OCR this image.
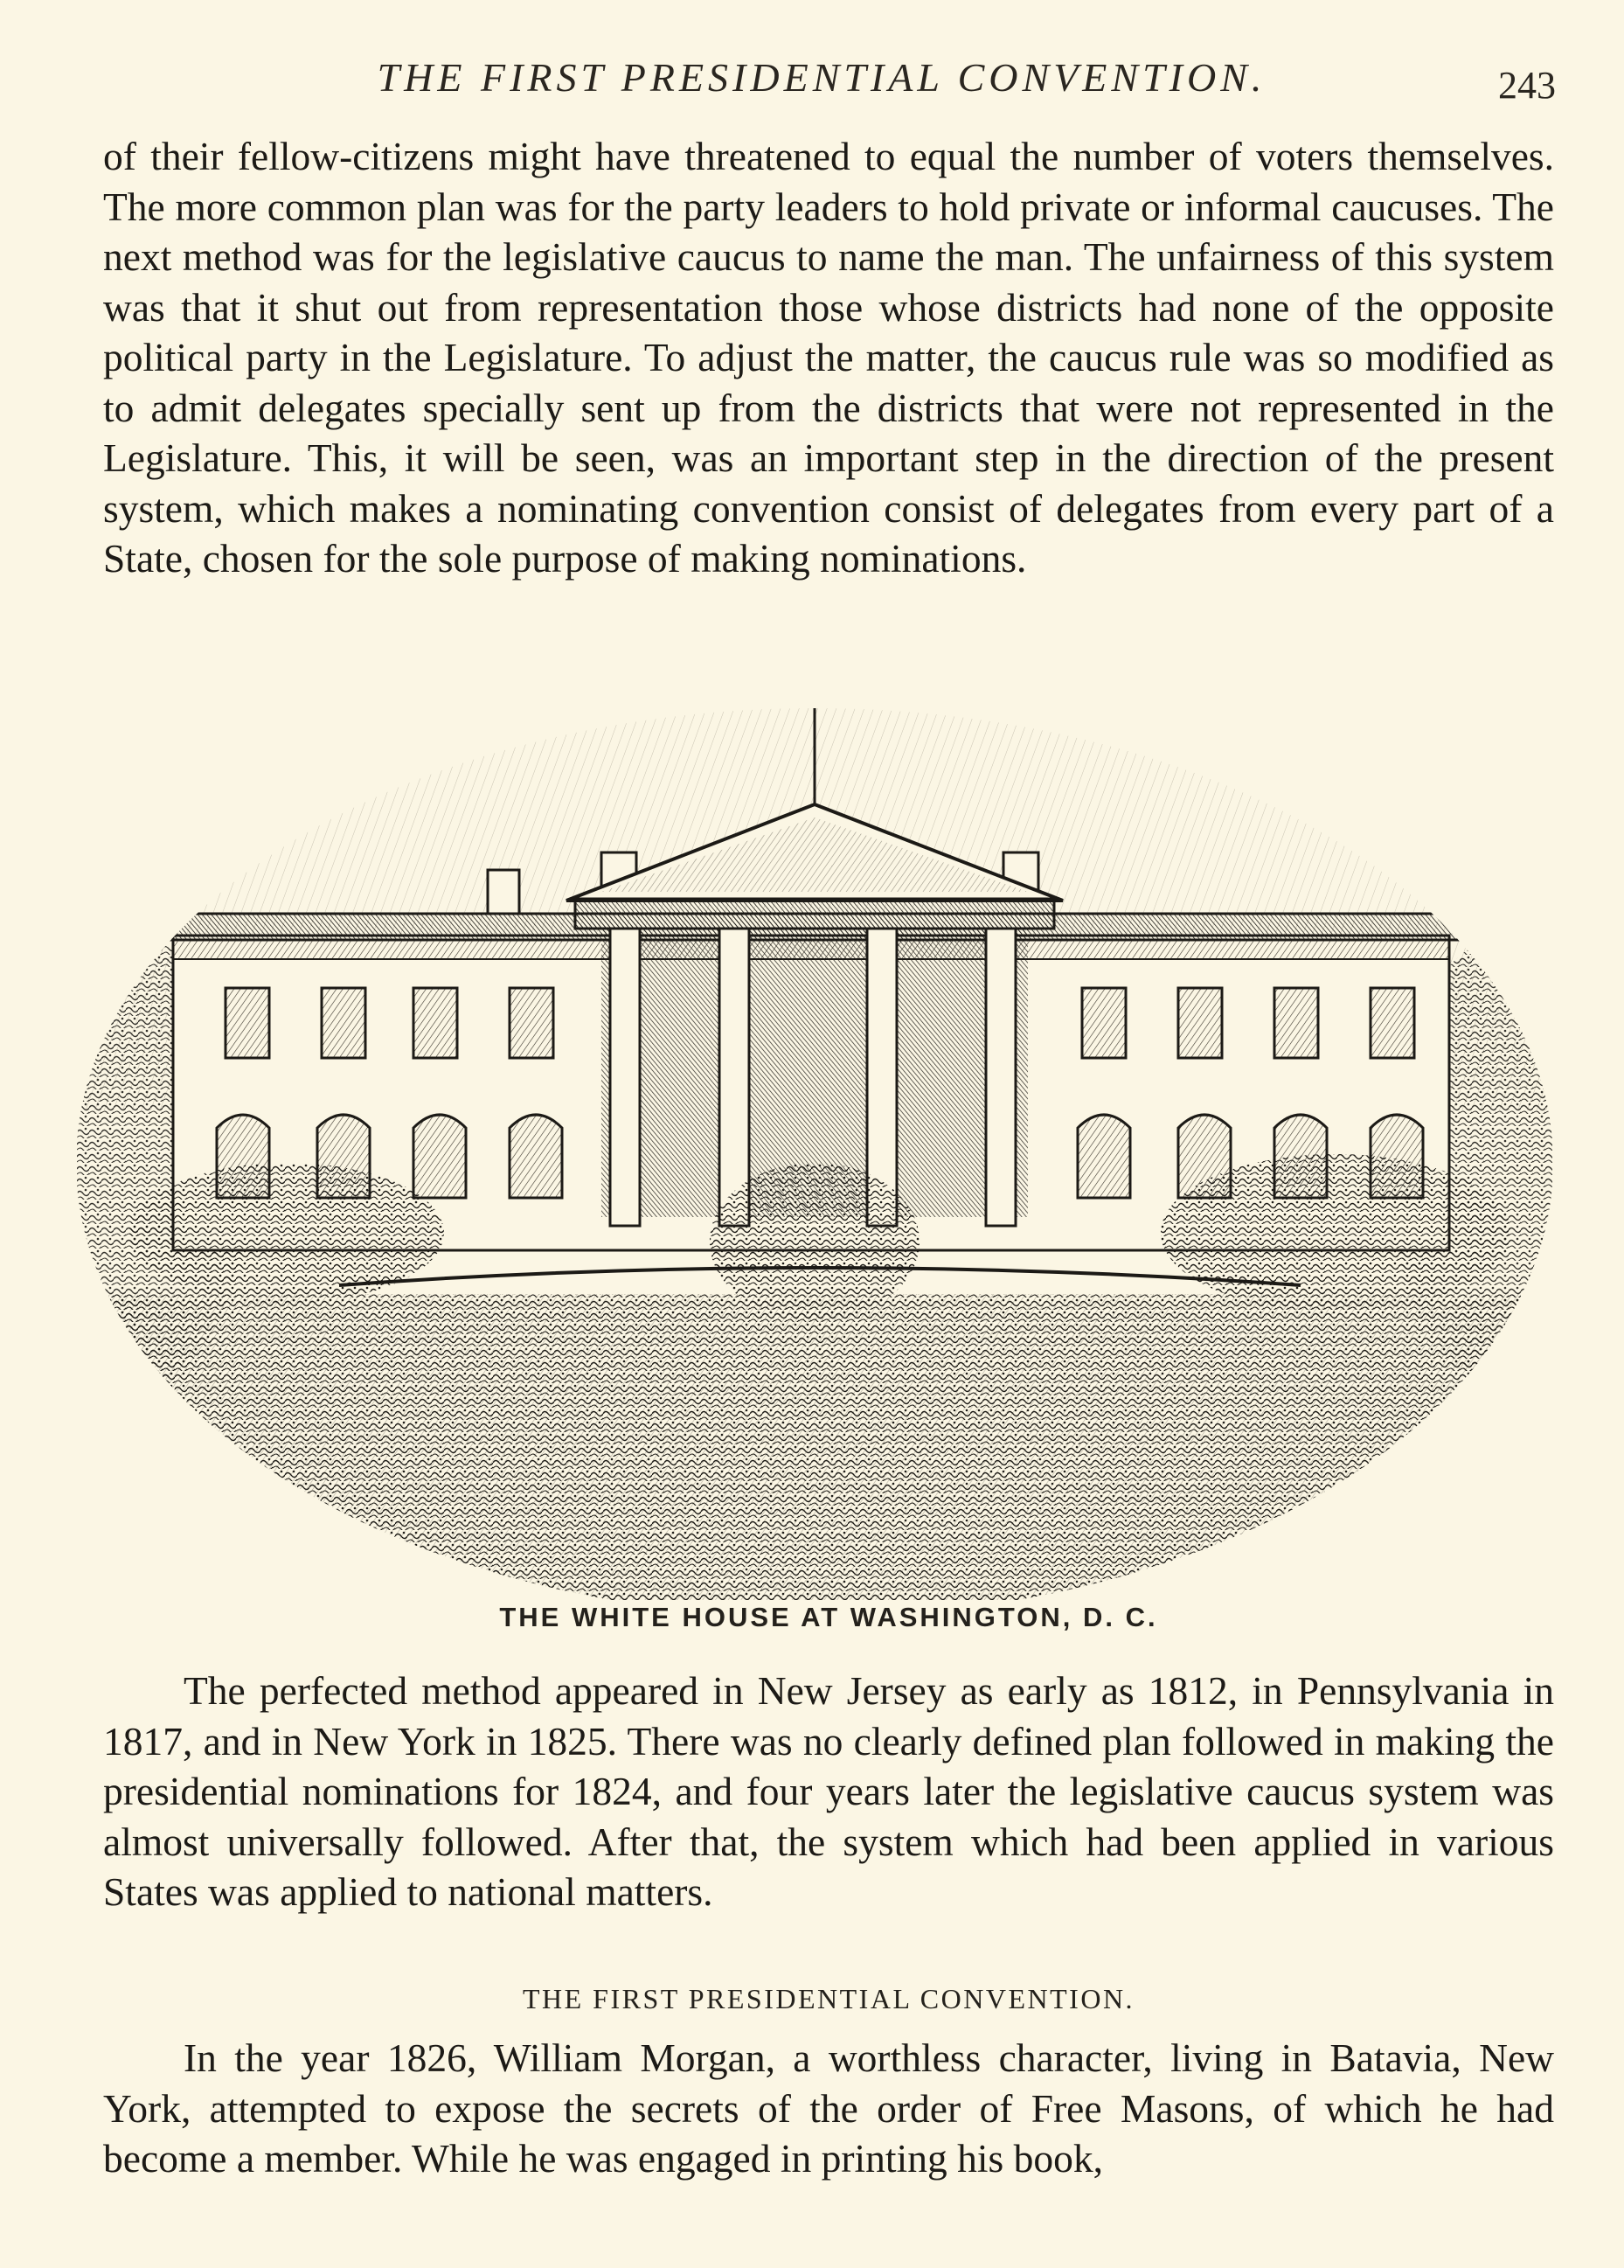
THE FIRST PRESIDENTIAL CONVENTION.	243

of their fellow-citizens might have threatened to equal the number of voters themselves. The more common plan was for the party leaders to hold private or informal caucuses. The next method was for the legislative caucus to name the man. The unfairness of this system was that it shut out from representation those whose districts had none of the opposite political party in the Legislature. To adjust the matter, the caucus rule was so modified as to admit delegates specially sent up from the districts that were not represented in the Legislature. This, it will be seen, was an important step in the direction of the present system, which makes a nominating convention consist of delegates from every part of a State, chosen for the sole purpose of making nominations.

THE WHITE HOUSE AT WASHINGTON, D. C.

The perfected method appeared in New Jersey as early as 1812, in Pennsylvania in 1817, and in New York in 1825. There was no clearly defined plan followed in making the presidential nominations for 1824, and four years later the legislative caucus system was almost universally followed. After that, the system which had been applied in various States was applied to national matters.

THE FIRST PRESIDENTIAL CONVENTION.

In the year 1826, William Morgan, a worthless character, living in Batavia, New York, attempted to expose the secrets of the order of Free Masons, of which he had become a member. While he was engaged in printing his book,
